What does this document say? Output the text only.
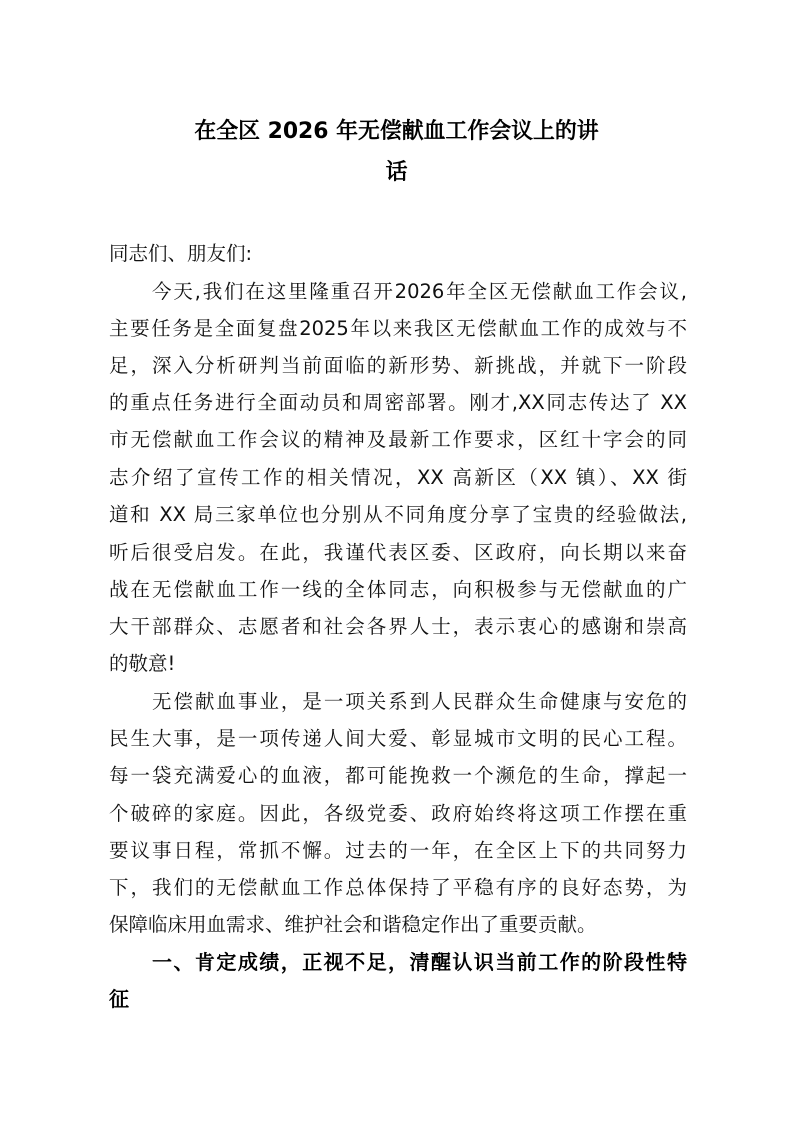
在全区 2026 年无偿献血工作会议上的讲
话
同志们、朋友们:
今天,我们在这里隆重召开2026年全区无偿献血工作会议,
主要任务是全面复盘2025年以来我区无偿献血工作的成效与不
足，深入分析研判当前面临的新形势、新挑战，并就下一阶段
的重点任务进行全面动员和周密部署。刚才,XX同志传达了 XX
市无偿献血工作会议的精神及最新工作要求，区红十字会的同
志介绍了宣传工作的相关情况，XX 高新区（XX 镇）、XX 街
道和 XX 局三家单位也分别从不同角度分享了宝贵的经验做法,
听后很受启发。在此，我谨代表区委、区政府，向长期以来奋
战在无偿献血工作一线的全体同志，向积极参与无偿献血的广
大干部群众、志愿者和社会各界人士，表示衷心的感谢和崇高
的敬意!
无偿献血事业，是一项关系到人民群众生命健康与安危的
民生大事，是一项传递人间大爱、彰显城市文明的民心工程。
每一袋充满爱心的血液，都可能挽救一个濒危的生命，撑起一
个破碎的家庭。因此，各级党委、政府始终将这项工作摆在重
要议事日程，常抓不懈。过去的一年，在全区上下的共同努力
下，我们的无偿献血工作总体保持了平稳有序的良好态势，为
保障临床用血需求、维护社会和谐稳定作出了重要贡献。
一、肯定成绩，正视不足，清醒认识当前工作的阶段性特
征
